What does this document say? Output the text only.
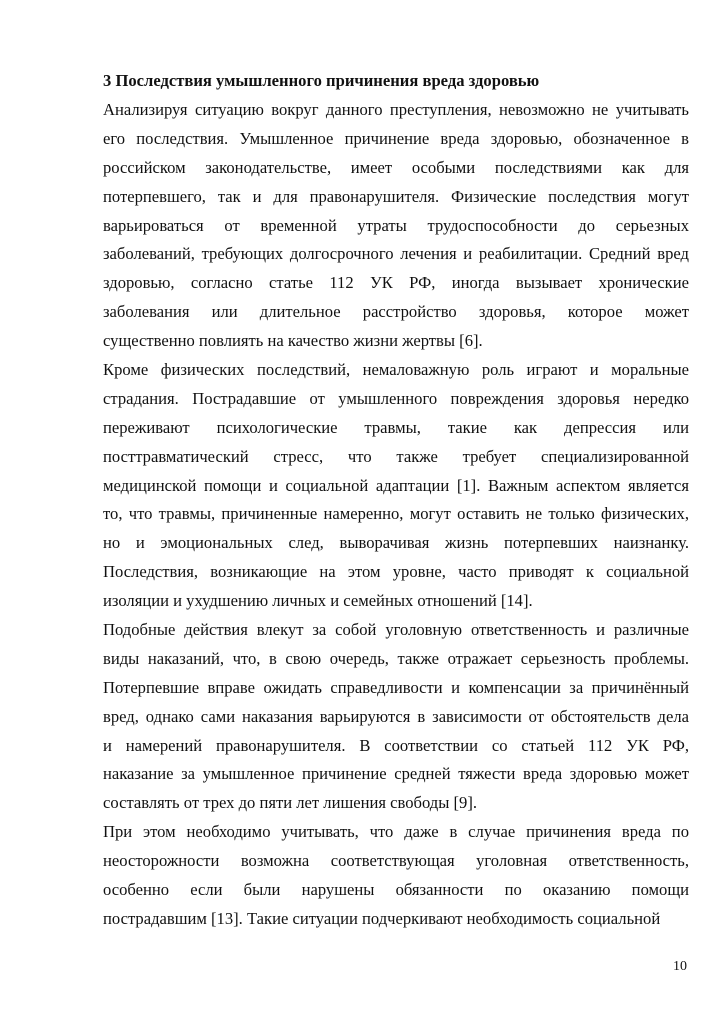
3 Последствия умышленного причинения вреда здоровью
Анализируя ситуацию вокруг данного преступления, невозможно не учитывать
его последствия. Умышленное причинение вреда здоровью, обозначенное в
российском законодательстве, имеет особыми последствиями как для
потерпевшего, так и для правонарушителя. Физические последствия могут
варьироваться от временной утраты трудоспособности до серьезных
заболеваний, требующих долгосрочного лечения и реабилитации. Средний вред
здоровью, согласно статье 112 УК РФ, иногда вызывает хронические
заболевания или длительное расстройство здоровья, которое может
существенно повлиять на качество жизни жертвы [6].
Кроме физических последствий, немаловажную роль играют и моральные
страдания. Пострадавшие от умышленного повреждения здоровья нередко
переживают психологические травмы, такие как депрессия или
посттравматический стресс, что также требует специализированной
медицинской помощи и социальной адаптации [1]. Важным аспектом является
то, что травмы, причиненные намеренно, могут оставить не только физических,
но и эмоциональных след, выворачивая жизнь потерпевших наизнанку.
Последствия, возникающие на этом уровне, часто приводят к социальной
изоляции и ухудшению личных и семейных отношений [14].
Подобные действия влекут за собой уголовную ответственность и различные
виды наказаний, что, в свою очередь, также отражает серьезность проблемы.
Потерпевшие вправе ожидать справедливости и компенсации за причинённый
вред, однако сами наказания варьируются в зависимости от обстоятельств дела
и намерений правонарушителя. В соответствии со статьей 112 УК РФ,
наказание за умышленное причинение средней тяжести вреда здоровью может
составлять от трех до пяти лет лишения свободы [9].
При этом необходимо учитывать, что даже в случае причинения вреда по
неосторожности возможна соответствующая уголовная ответственность,
особенно если были нарушены обязанности по оказанию помощи
пострадавшим [13]. Такие ситуации подчеркивают необходимость социальной
10
